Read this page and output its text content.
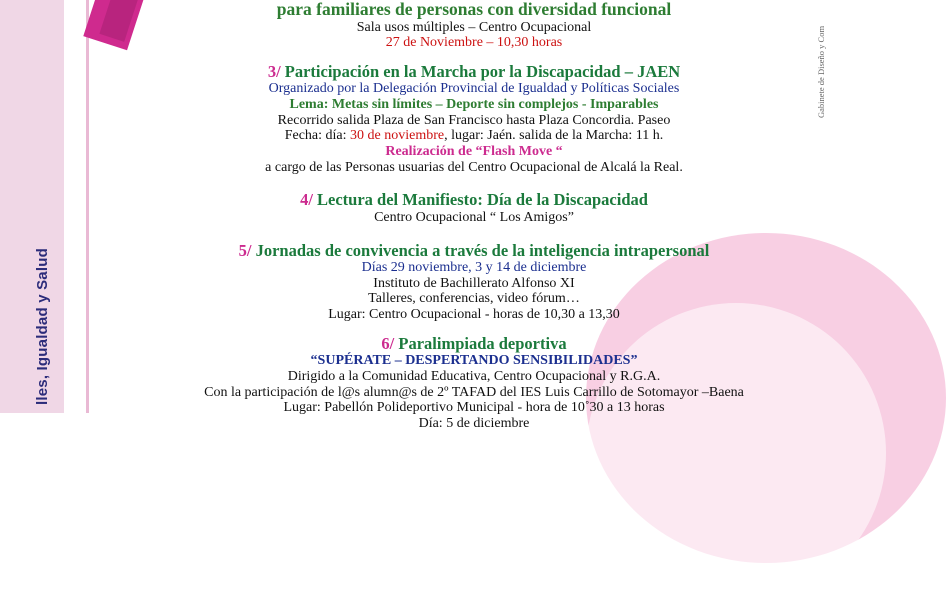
lles, Igualdad y Salud
Gabinete de Diseño y Com
para familiares de personas con diversidad funcional
Sala usos múltiples – Centro Ocupacional
27 de Noviembre – 10,30 horas
3/ Participación en la Marcha por la Discapacidad – JAEN
Organizado por la Delegación Provincial de Igualdad y Políticas Sociales
Lema: Metas sin límites – Deporte sin complejos - Imparables
Recorrido salida Plaza de San Francisco hasta Plaza Concordia. Paseo
Fecha: día: 30 de noviembre, lugar: Jaén. salida de la Marcha: 11 h.
Realización de “Flash Move “
a cargo de las Personas usuarias del Centro Ocupacional de Alcalá la Real.
4/ Lectura del Manifiesto: Día de la Discapacidad
Centro Ocupacional “ Los Amigos”
5/ Jornadas de convivencia a través de la inteligencia intrapersonal
Días 29 noviembre, 3 y 14 de diciembre
Instituto de Bachillerato Alfonso XI
Talleres, conferencias, video fórum…
Lugar: Centro Ocupacional - horas de 10,30 a 13,30
6/ Paralimpiada deportiva
“SUPÉRATE – DESPERTANDO SENSIBILIDADES”
Dirigido a la Comunidad Educativa, Centro Ocupacional y R.G.A.
Con la participación de l@s alumn@s de 2º TAFAD del IES Luis Carrillo de Sotomayor –Baena
Lugar: Pabellón Polideportivo Municipal - hora de 10˚30 a 13 horas
Día: 5 de diciembre
